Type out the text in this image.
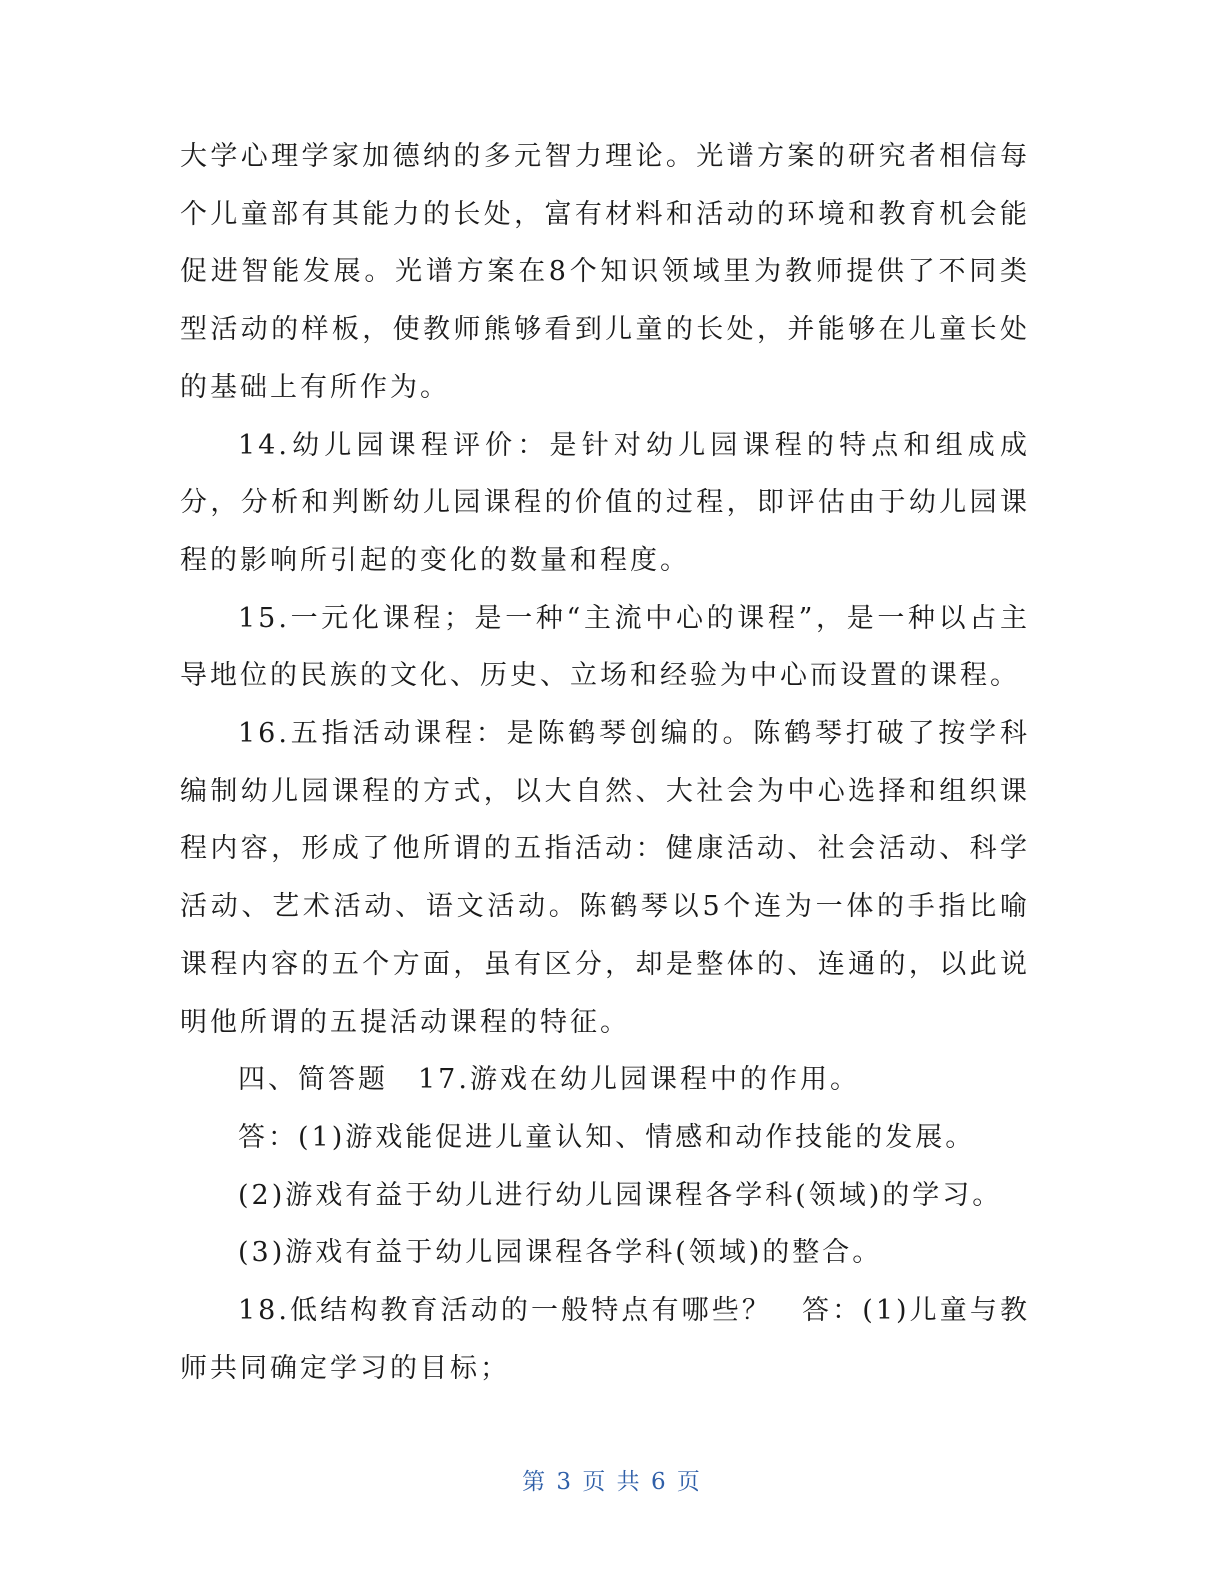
大学心理学家加德纳的多元智力理论。光谱方案的研究者相信每个儿童部有其能力的长处，富有材料和活动的环境和教育机会能促进智能发展。光谱方案在8个知识领域里为教师提供了不同类型活动的样板，使教师熊够看到儿童的长处，并能够在儿童长处的基础上有所作为。

14.幼儿园课程评价：是针对幼儿园课程的特点和组成成分，分析和判断幼儿园课程的价值的过程，即评估由于幼儿园课程的影响所引起的变化的数量和程度。

15.一元化课程；是一种“主流中心的课程”，是一种以占主导地位的民族的文化、历史、立场和经验为中心而设置的课程。

16.五指活动课程：是陈鹤琴创编的。陈鹤琴打破了按学科编制幼儿园课程的方式，以大自然、大社会为中心选择和组织课程内容，形成了他所谓的五指活动：健康活动、社会活动、科学活动、艺术活动、语文活动。陈鹤琴以5个连为一体的手指比喻课程内容的五个方面，虽有区分，却是整体的、连通的，以此说明他所谓的五提活动课程的特征。

四、简答题　17.游戏在幼儿园课程中的作用。

答：(1)游戏能促进儿童认知、情感和动作技能的发展。

(2)游戏有益于幼儿进行幼儿园课程各学科(领域)的学习。

(3)游戏有益于幼儿园课程各学科(领域)的整合。

18.低结构教育活动的一般特点有哪些？　答：(1)儿童与教师共同确定学习的目标；

第 3 页 共 6 页
